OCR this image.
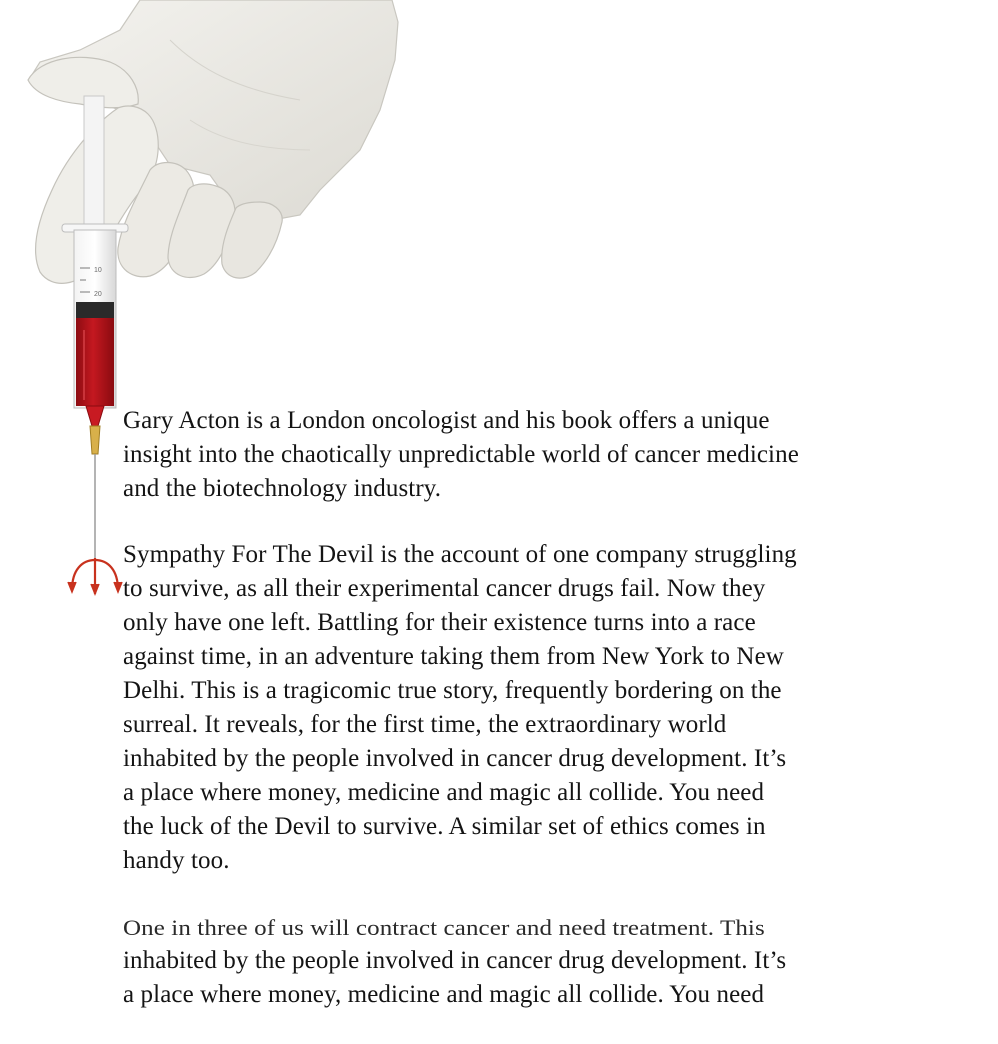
10
20

Gary Acton is a London oncologist and his book offers a unique
insight into the chaotically unpredictable world of cancer medicine
and the biotechnology industry.

Sympathy For The Devil is the account of one company struggling
to survive, as all their experimental cancer drugs fail. Now they
only have one left. Battling for their existence turns into a race
against time, in an adventure taking them from New York to New
Delhi. This is a tragicomic true story, frequently bordering on the
surreal. It reveals, for the first time, the extraordinary world
inhabited by the people involved in cancer drug development. It’s
a place where money, medicine and magic all collide. You need
the luck of the Devil to survive. A similar set of ethics comes in
handy too.

One in three of us will contract cancer and need treatment. This
inhabited by the people involved in cancer drug development. It’s
a place where money, medicine and magic all collide. You need
